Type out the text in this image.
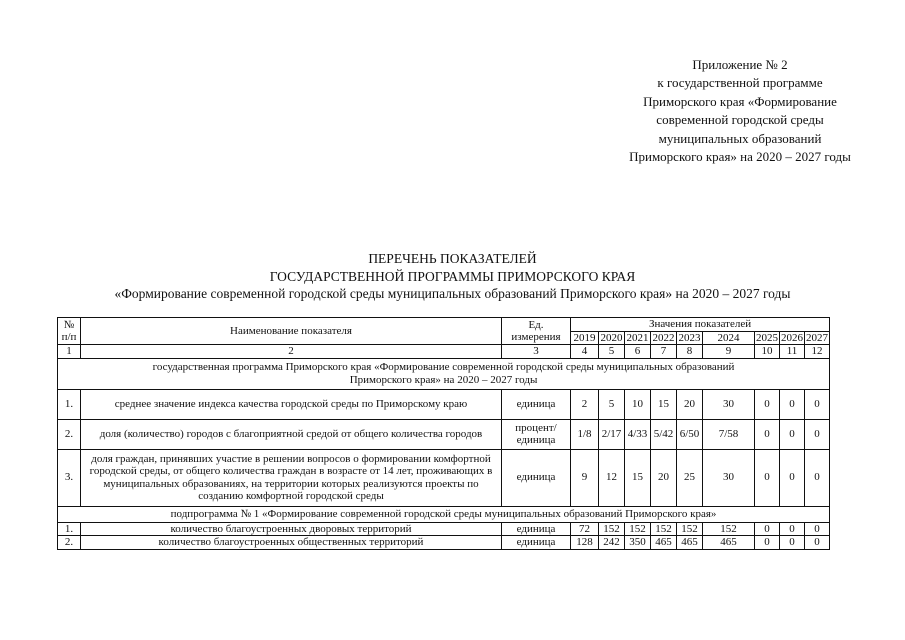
Приложение № 2
к государственной программе
Приморского края «Формирование
современной городской среды
муниципальных образований
Приморского края» на 2020 – 2027 годы
ПЕРЕЧЕНЬ ПОКАЗАТЕЛЕЙ
ГОСУДАРСТВЕННОЙ ПРОГРАММЫ ПРИМОРСКОГО КРАЯ
«Формирование современной городской среды муниципальных образований Приморского края» на 2020 – 2027 годы
№ п/п	Наименование показателя	Ед. измерения	Значения показателей								
			2019	2020	2021	2022	2023	2024	2025	2026	2027
1	2	3	4	5	6	7	8	9	10	11	12
государственная программа Приморского края «Формирование современной городской среды муниципальных образований Приморского края» на 2020 – 2027 годы											
1.	среднее значение индекса качества городской среды по Приморскому краю	единица	2	5	10	15	20	30	0	0	0
2.	доля (количество) городов с благоприятной средой от общего количества городов	процент/ единица	1/8	2/17	4/33	5/42	6/50	7/58	0	0	0
3.	доля граждан, принявших участие в решении вопросов о формировании комфортной городской среды, от общего количества граждан в возрасте от 14 лет, проживающих в муниципальных образованиях, на территории которых реализуются проекты по созданию комфортной городской среды	единица	9	12	15	20	25	30	0	0	0
подпрограмма № 1 «Формирование современной городской среды муниципальных образований Приморского края»											
1.	количество благоустроенных дворовых территорий	единица	72	152	152	152	152	152	0	0	0
2.	количество благоустроенных общественных территорий	единица	128	242	350	465	465	465	0	0	0
